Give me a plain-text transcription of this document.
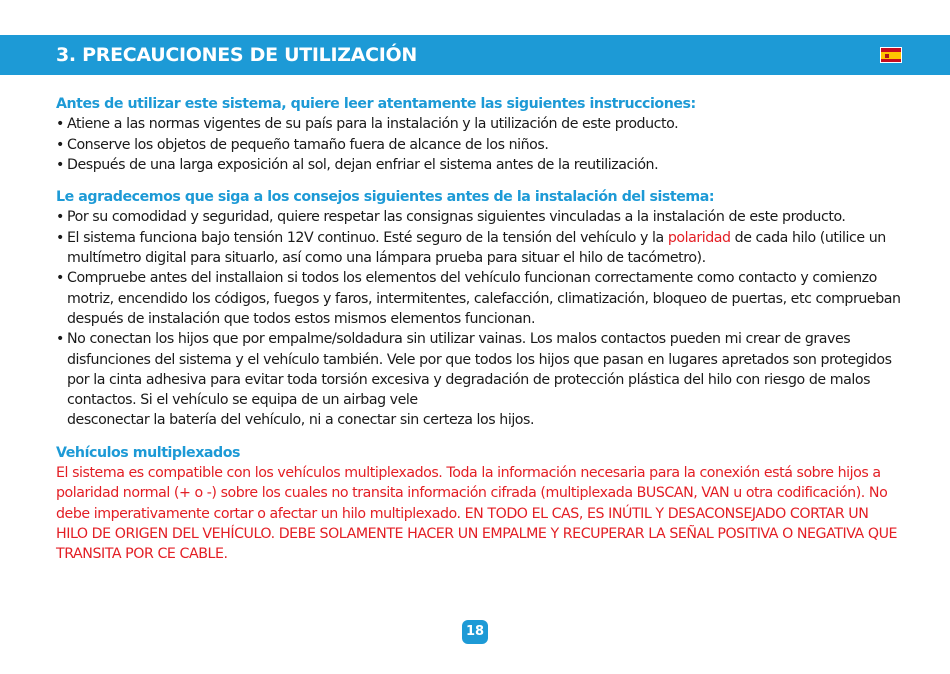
3. PRECAUCIONES DE UTILIZACIÓN

Antes de utilizar este sistema, quiere leer atentamente las siguientes instrucciones:

• Atiene a las normas vigentes de su país para la instalación y la utilización de este producto.

• Conserve los objetos de pequeño tamaño fuera de alcance de los niños.

• Después de una larga exposición al sol, dejan enfriar el sistema antes de la reutilización.

Le agradecemos que siga a los consejos siguientes antes de la instalación del sistema:

• Por su comodidad y seguridad, quiere respetar las consignas siguientes vinculadas a la instalación de este producto.

• El sistema funciona bajo tensión 12V continuo. Esté seguro de la tensión del vehículo y la polaridad de cada hilo (utilice un multímetro digital para situarlo, así como una lámpara prueba para situar el hilo de tacómetro).

• Compruebe antes del installaion si todos los elementos del vehículo funcionan correctamente como contacto y comienzo motriz, encendido los códigos, fuegos y faros, intermitentes, calefacción, climatización, bloqueo de puertas, etc comprueban después de instalación que todos estos mismos elementos funcionan.

• No conectan los hijos que por empalme/soldadura sin utilizar vainas. Los malos contactos pueden mi crear de graves disfunciones del sistema y el vehículo también. Vele por que todos los hijos que pasan en lugares apretados son protegidos por la cinta adhesiva para evitar toda torsión excesiva y degradación de protección plástica del hilo con riesgo de malos contactos. Si el vehículo se equipa de un airbag vele
desconectar la batería del vehículo, ni a conectar sin certeza los hijos.

Vehículos multiplexados

El sistema es compatible con los vehículos multiplexados. Toda la información necesaria para la conexión está sobre hijos a polaridad normal (+ o -) sobre los cuales no transita información cifrada (multiplexada BUSCAN, VAN u otra codificación). No debe imperativamente cortar o afectar un hilo multiplexado. EN TODO EL CAS, ES INÚTIL Y DESACONSEJADO CORTAR UN HILO DE ORIGEN DEL VEHÍCULO. DEBE SOLAMENTE HACER UN EMPALME Y RECUPERAR LA SEÑAL POSITIVA O NEGATIVA QUE TRANSITA POR CE CABLE.

18
